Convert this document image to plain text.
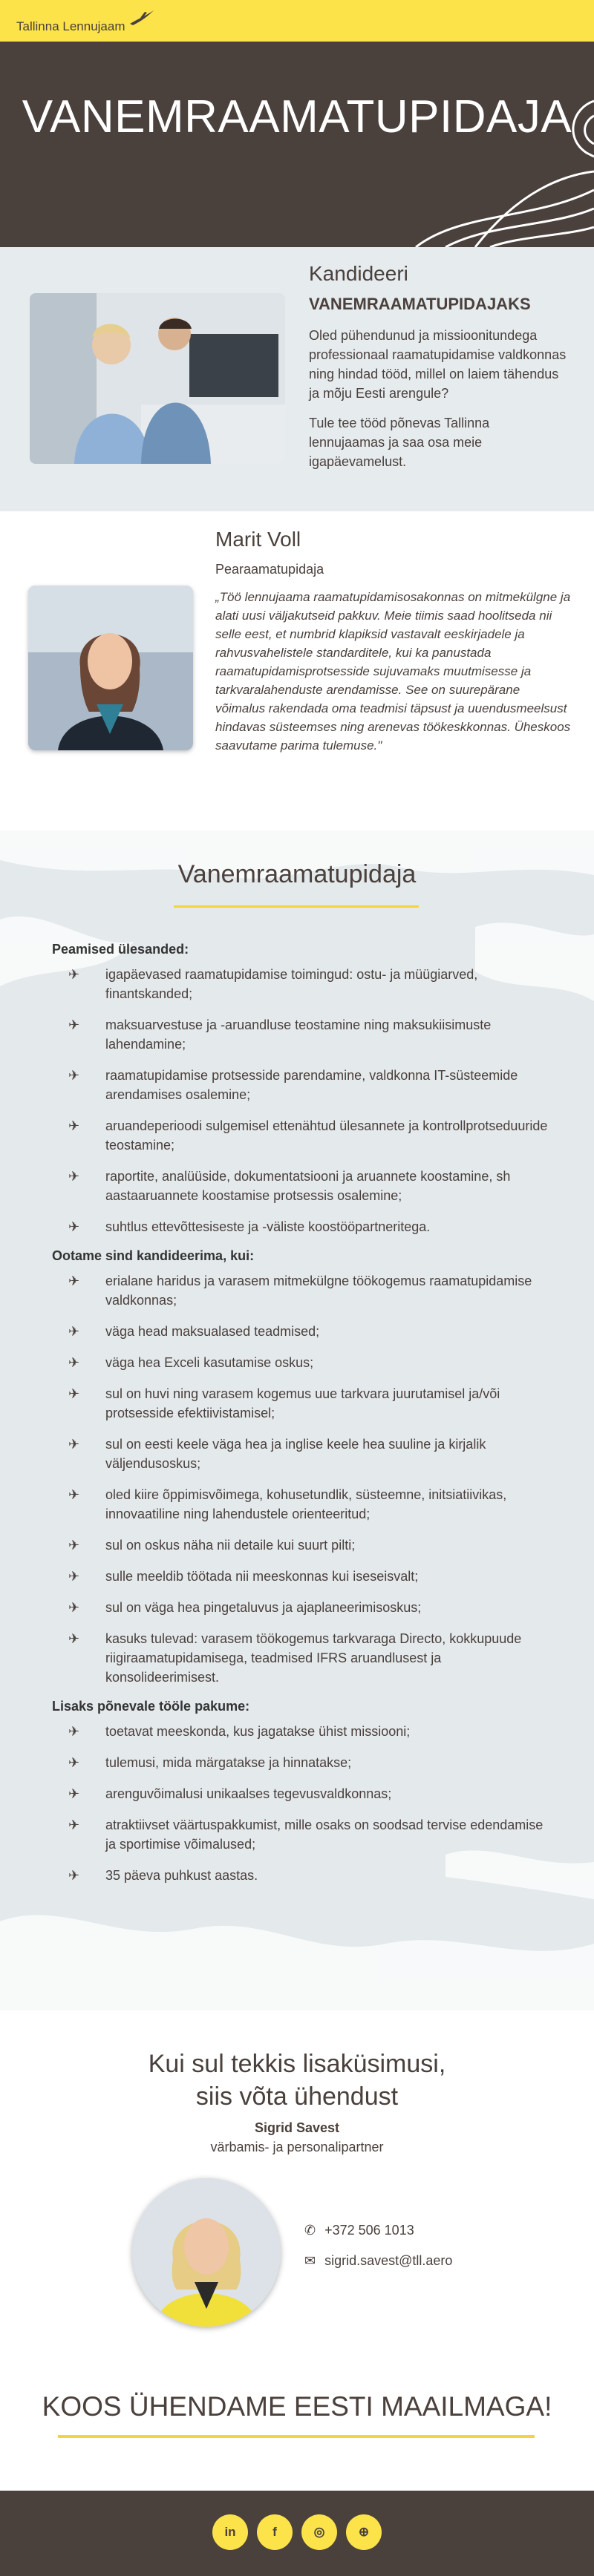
Tallinna Lennujaam
VANEMRAAMATUPIDAJA
Kandideeri
VANEMRAAMATUPIDAJAKS

Oled pühendunud ja missioonitundega professionaal raamatupidamise valdkonnas ning hindad tööd, millel on laiem tähendus ja mõju Eesti arengule?

Tule tee tööd põnevas Tallinna lennujaamas ja saa osa meie igapäevamelust.

Marit Voll
Pearaamatupidaja

„Töö lennujaama raamatupidamisosakonnas on mitmekülgne ja alati uusi väljakutseid pakkuv. Meie tiimis saad hoolitseda nii selle eest, et numbrid klapiksid vastavalt eeskirjadele ja rahvusvahelistele standarditele, kui ka panustada raamatupidamisprotsesside sujuvamaks muutmisesse ja tarkvaralahenduste arendamisse. See on suurepärane võimalus rakendada oma teadmisi täpsust ja uuendusmeelsust hindavas süsteemses ning arenevas töökeskkonnas. Üheskoos saavutame parima tulemuse."

Vanemraamatupidaja
Peamised ülesanded:
✈	igapäevased raamatupidamise toimingud: ostu- ja müügiarved, finantskanded;
✈	maksuarvestuse ja -aruandluse teostamine ning maksukiisimuste lahendamine;
✈	raamatupidamise protsesside parendamine, valdkonna IT-süsteemide arendamises osalemine;
✈	aruandeperioodi sulgemisel ettenähtud ülesannete ja kontrollprotseduuride teostamine;
✈	raportite, analüüside, dokumentatsiooni ja aruannete koostamine, sh aastaaruannete koostamise protsessis osalemine;
✈	suhtlus ettevõttesiseste ja -väliste koostööpartneritega.
Ootame sind kandideerima, kui:
✈	erialane haridus ja varasem mitmekülgne töökogemus raamatupidamise valdkonnas;
✈	väga head maksualased teadmised;
✈	väga hea Exceli kasutamise oskus;
✈	sul on huvi ning varasem kogemus uue tarkvara juurutamisel ja/või protsesside efektiivistamisel;
✈	sul on eesti keele väga hea ja inglise keele hea suuline ja kirjalik väljendusoskus;
✈	oled kiire õppimisvõimega, kohusetundlik, süsteemne, initsiatiivikas, innovaatiline ning lahendustele orienteeritud;
✈	sul on oskus näha nii detaile kui suurt pilti;
✈	sulle meeldib töötada nii meeskonnas kui iseseisvalt;
✈	sul on väga hea pingetaluvus ja ajaplaneerimisoskus;
✈	kasuks tulevad: varasem töökogemus tarkvaraga Directo, kokkupuude riigiraamatupidamisega, teadmised IFRS aruandlusest ja konsolideerimisest.
Lisaks põnevale tööle pakume:
✈	toetavat meeskonda, kus jagatakse ühist missiooni;
✈	tulemusi, mida märgatakse ja hinnatakse;
✈	arenguvõimalusi unikaalses tegevusvaldkonnas;
✈	atraktiivset väärtuspakkumist, mille osaks on soodsad tervise edendamise ja sportimise võimalused;
✈	35 päeva puhkust aastas.
Kui sul tekkis lisaküsimusi,
siis võta ühendust
Sigrid Savest
värbamis- ja personalipartner
✆ +372 506 1013
✉ sigrid.savest@tll.aero
KOOS ÜHENDAME EESTI MAAILMAGA!
in	f	◎	⊕
